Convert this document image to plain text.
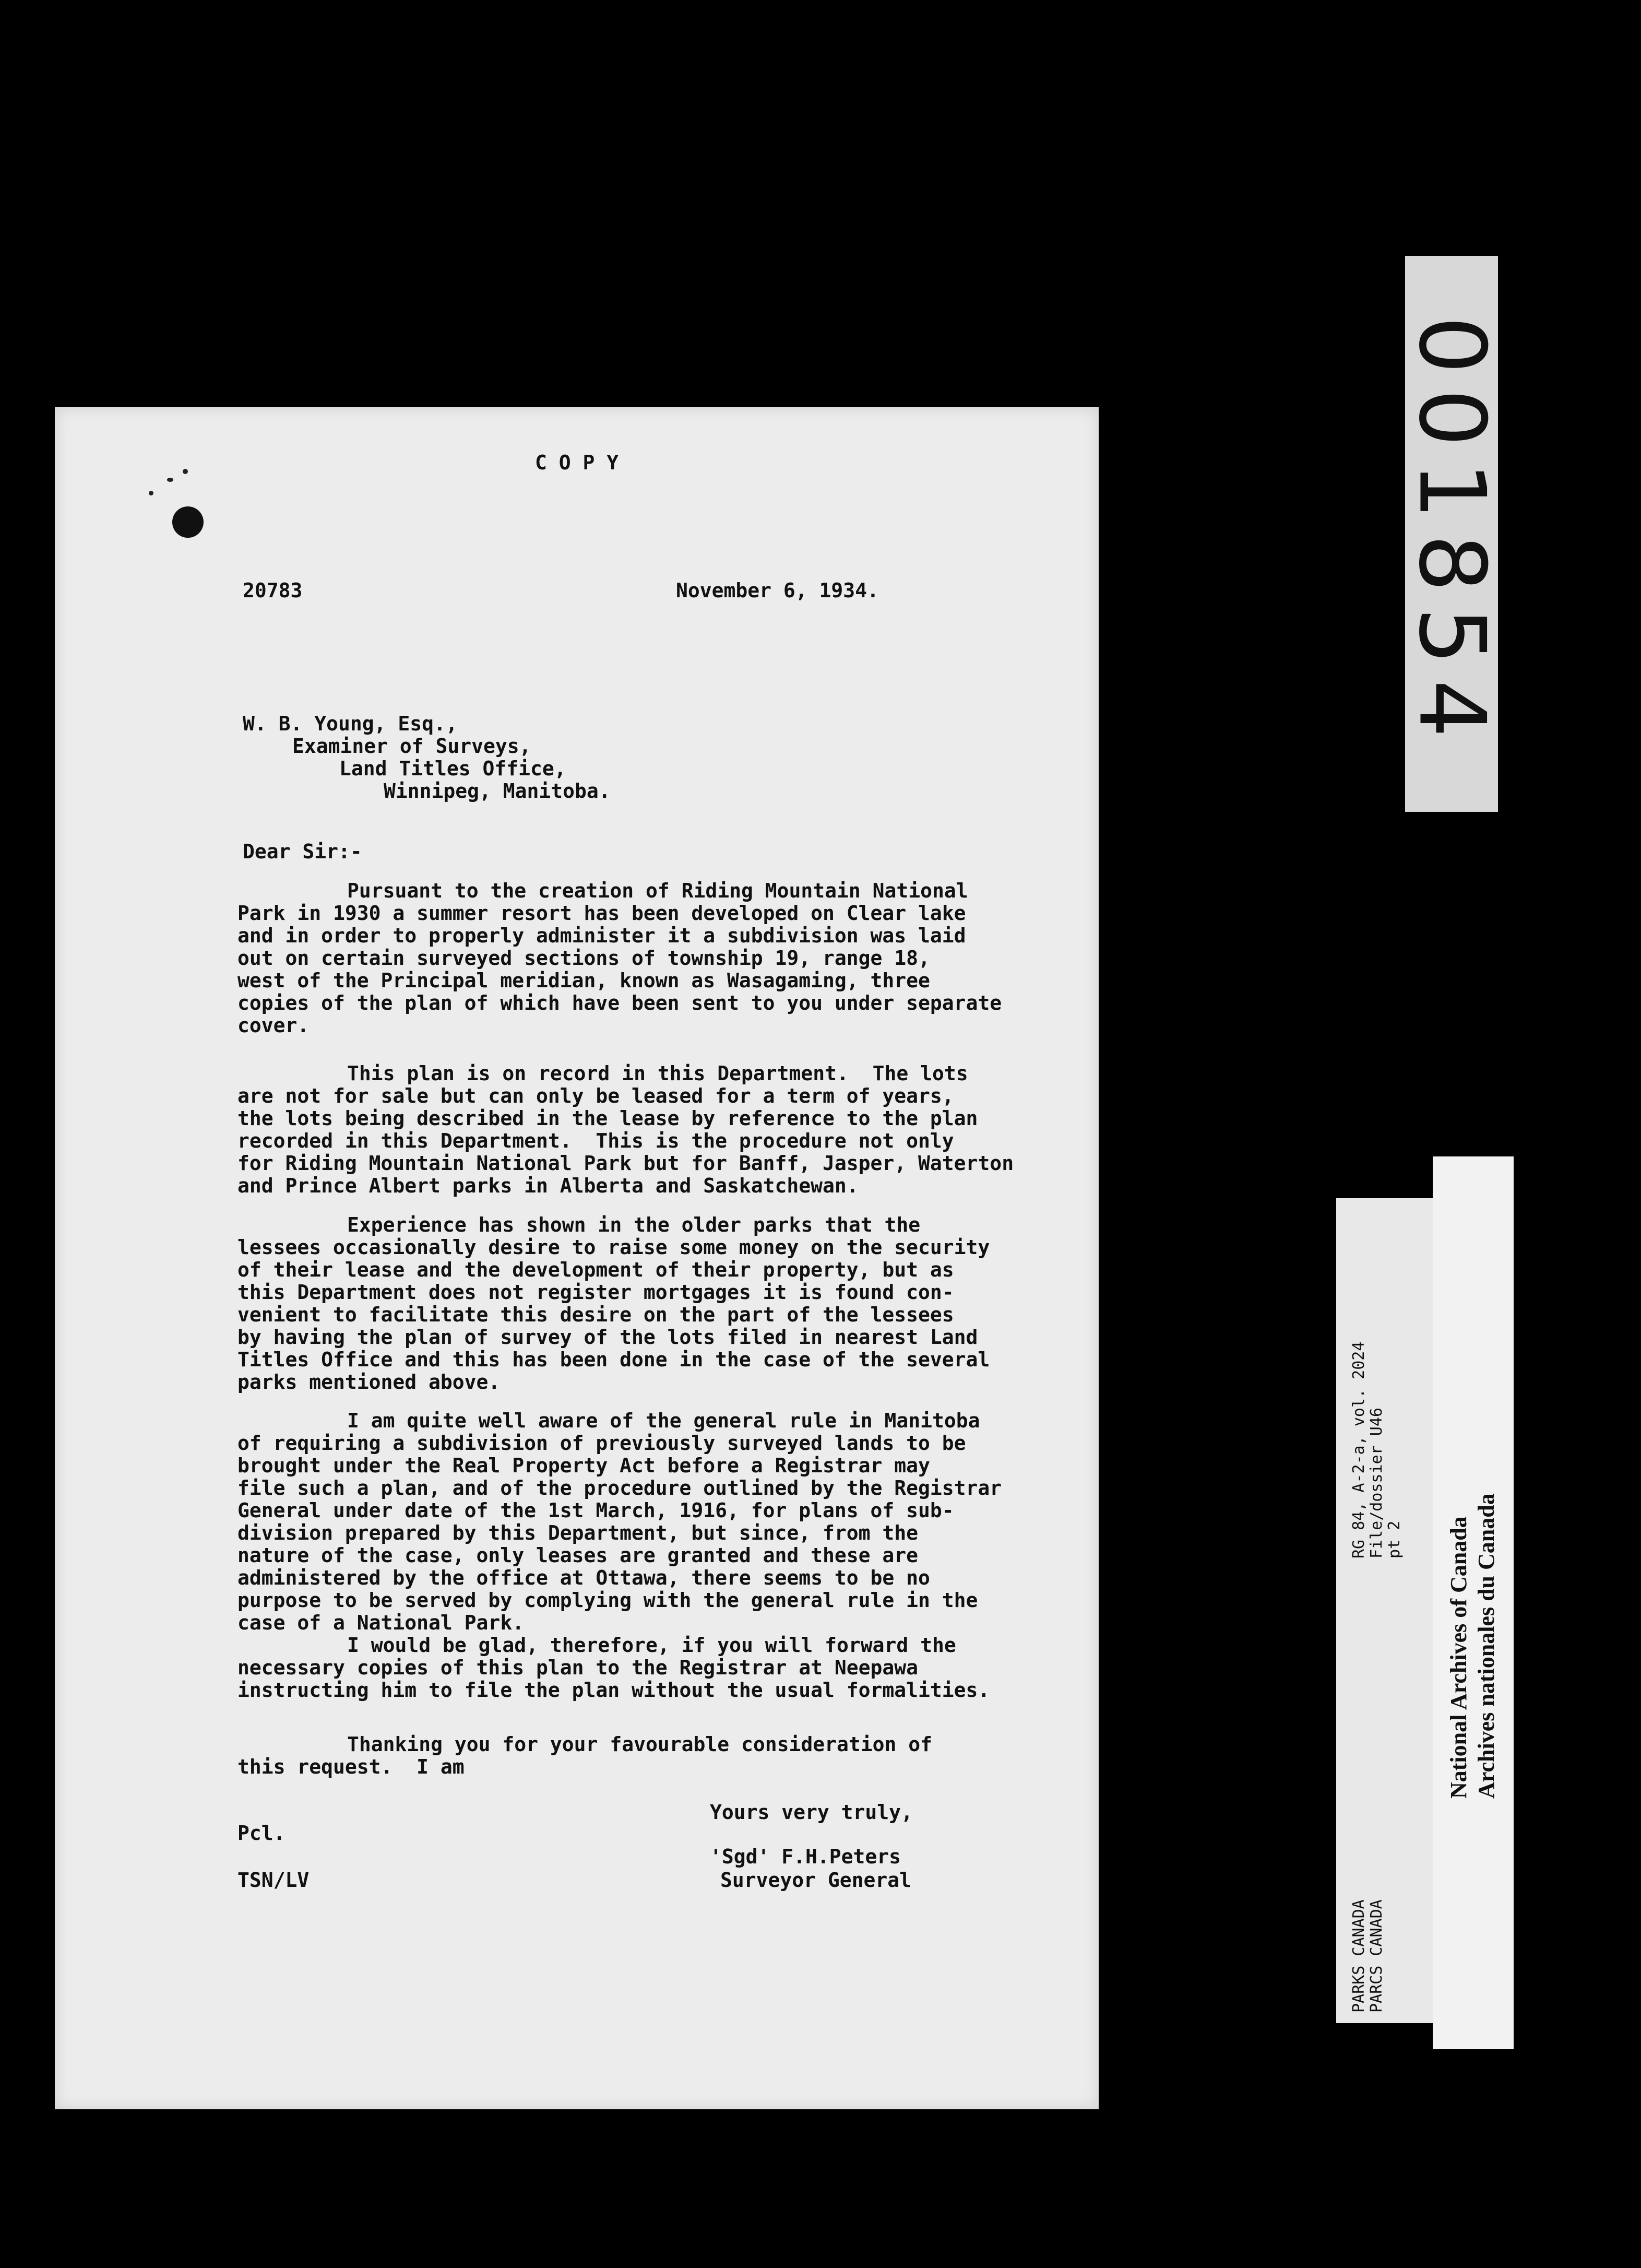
C O P Y
20783	November 6, 1934.
W. B. Young, Esq.,
Examiner of Surveys,
Land Titles Office,
Winnipeg, Manitoba.
Dear Sir:-
Pursuant to the creation of Riding Mountain National
Park in 1930 a summer resort has been developed on Clear lake
and in order to properly administer it a subdivision was laid
out on certain surveyed sections of township 19, range 18,
west of the Principal meridian, known as Wasagaming, three
copies of the plan of which have been sent to you under separate
cover.
This plan is on record in this Department.  The lots
are not for sale but can only be leased for a term of years,
the lots being described in the lease by reference to the plan
recorded in this Department.  This is the procedure not only
for Riding Mountain National Park but for Banff, Jasper, Waterton
and Prince Albert parks in Alberta and Saskatchewan.
Experience has shown in the older parks that the
lessees occasionally desire to raise some money on the security
of their lease and the development of their property, but as
this Department does not register mortgages it is found con-
venient to facilitate this desire on the part of the lessees
by having the plan of survey of the lots filed in nearest Land
Titles Office and this has been done in the case of the several
parks mentioned above.
I am quite well aware of the general rule in Manitoba
of requiring a subdivision of previously surveyed lands to be
brought under the Real Property Act before a Registrar may
file such a plan, and of the procedure outlined by the Registrar
General under date of the 1st March, 1916, for plans of sub-
division prepared by this Department, but since, from the
nature of the case, only leases are granted and these are
administered by the office at Ottawa, there seems to be no
purpose to be served by complying with the general rule in the
case of a National Park.
I would be glad, therefore, if you will forward the
necessary copies of this plan to the Registrar at Neepawa
instructing him to file the plan without the usual formalities.
Thanking you for your favourable consideration of
this request.  I am
Yours very truly,
Pcl.
'Sgd' F.H.Peters
TSN/LV	Surveyor General
001854
RG 84, A-2-a, vol. 2024 File/dossier U46 pt 2
PARKS CANADA PARCS CANADA
National Archives of Canada Archives nationales du Canada
